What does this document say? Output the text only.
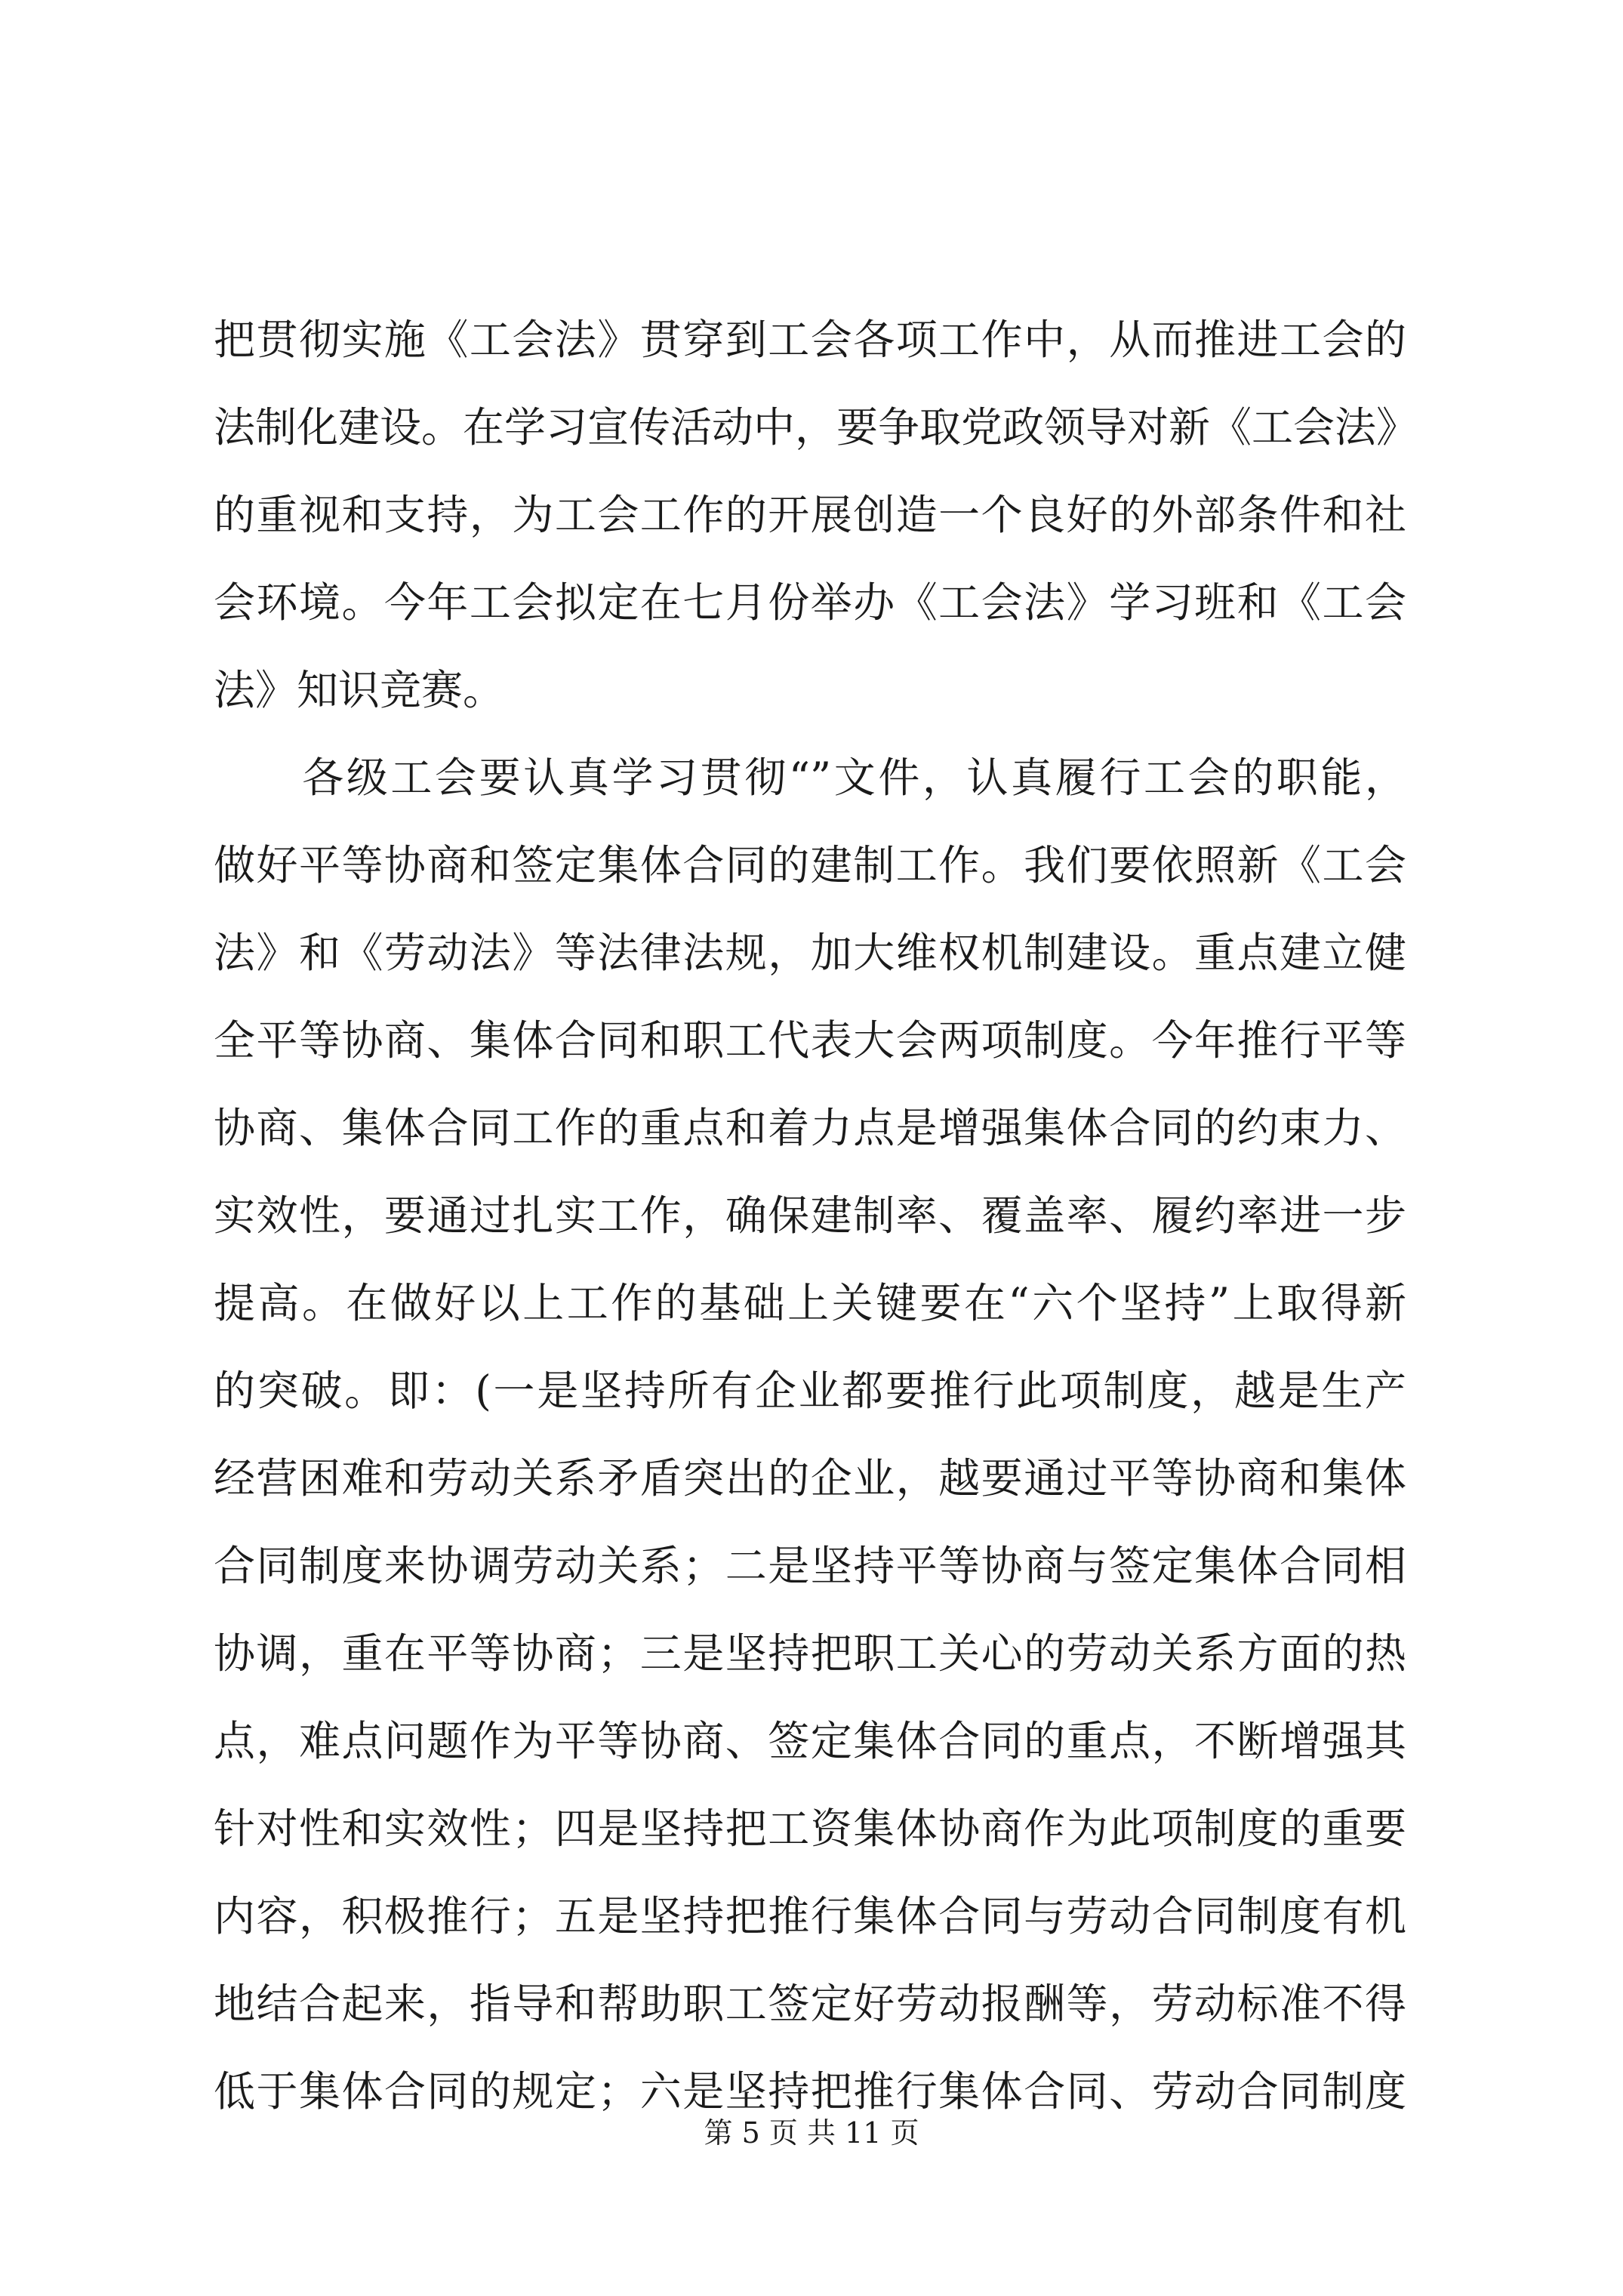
把贯彻实施《工会法》贯穿到工会各项工作中，从而推进工会的
法制化建设。在学习宣传活动中，要争取党政领导对新《工会法》
的重视和支持，为工会工作的开展创造一个良好的外部条件和社
会环境。今年工会拟定在七月份举办《工会法》学习班和《工会
法》知识竞赛。
　　各级工会要认真学习贯彻“”文件，认真履行工会的职能，
做好平等协商和签定集体合同的建制工作。我们要依照新《工会
法》和《劳动法》等法律法规，加大维权机制建设。重点建立健
全平等协商、集体合同和职工代表大会两项制度。今年推行平等
协商、集体合同工作的重点和着力点是增强集体合同的约束力、
实效性，要通过扎实工作，确保建制率、覆盖率、履约率进一步
提高。在做好以上工作的基础上关键要在“六个坚持”上取得新
的突破。即：(一是坚持所有企业都要推行此项制度，越是生产
经营困难和劳动关系矛盾突出的企业，越要通过平等协商和集体
合同制度来协调劳动关系；二是坚持平等协商与签定集体合同相
协调，重在平等协商；三是坚持把职工关心的劳动关系方面的热
点，难点问题作为平等协商、签定集体合同的重点，不断增强其
针对性和实效性；四是坚持把工资集体协商作为此项制度的重要
内容，积极推行；五是坚持把推行集体合同与劳动合同制度有机
地结合起来，指导和帮助职工签定好劳动报酬等，劳动标准不得
低于集体合同的规定；六是坚持把推行集体合同、劳动合同制度
第 5 页 共 11 页
